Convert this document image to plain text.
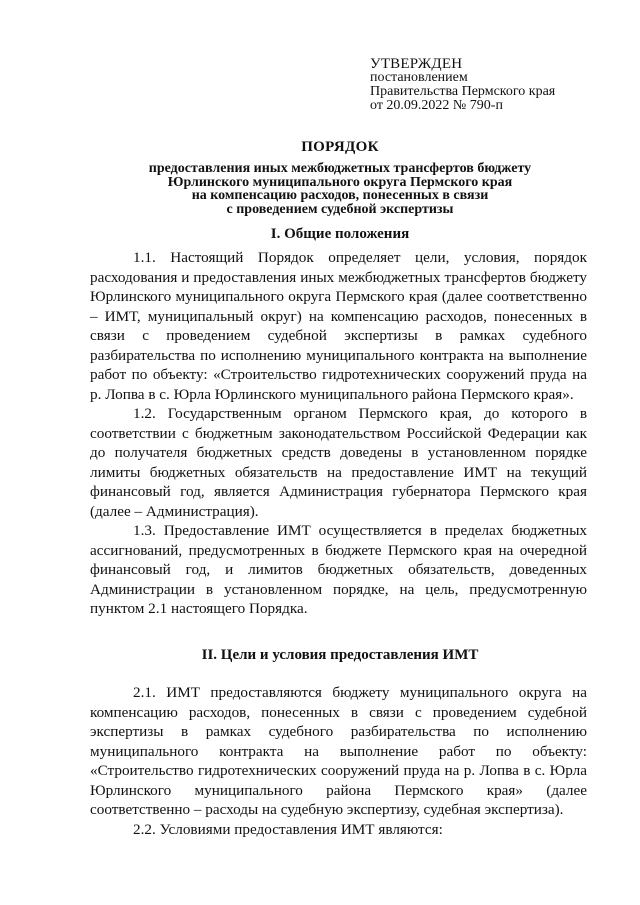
УТВЕРЖДЕН
постановлением
Правительства Пермского края
от 20.09.2022 № 790-п
ПОРЯДОК
предоставления иных межбюджетных трансфертов бюджету
Юрлинского муниципального округа Пермского края
на компенсацию расходов, понесенных в связи
с проведением судебной экспертизы
I. Общие положения

1.1. Настоящий Порядок определяет цели, условия, порядок расходования и предоставления иных межбюджетных трансфертов бюджету Юрлинского муниципального округа Пермского края (далее соответственно – ИМТ, муниципальный округ) на компенсацию расходов, понесенных в связи с проведением судебной экспертизы в рамках судебного разбирательства по исполнению муниципального контракта на выполнение работ по объекту: «Строительство гидротехнических сооружений пруда на р. Лопва в с. Юрла Юрлинского муниципального района Пермского края».

1.2. Государственным органом Пермского края, до которого в соответствии с бюджетным законодательством Российской Федерации как до получателя бюджетных средств доведены в установленном порядке лимиты бюджетных обязательств на предоставление ИМТ на текущий финансовый год, является Администрация губернатора Пермского края (далее – Администрация).

1.3. Предоставление ИМТ осуществляется в пределах бюджетных ассигнований, предусмотренных в бюджете Пермского края на очередной финансовый год, и лимитов бюджетных обязательств, доведенных Администрации в установленном порядке, на цель, предусмотренную пунктом 2.1 настоящего Порядка.

II. Цели и условия предоставления ИМТ

2.1. ИМТ предоставляются бюджету муниципального округа на компенсацию расходов, понесенных в связи с проведением судебной экспертизы в рамках судебного разбирательства по исполнению муниципального контракта на выполнение работ по объекту: «Строительство гидротехнических сооружений пруда на р. Лопва в с. Юрла Юрлинского муниципального района Пермского края» (далее соответственно – расходы на судебную экспертизу, судебная экспертиза).

2.2. Условиями предоставления ИМТ являются:
